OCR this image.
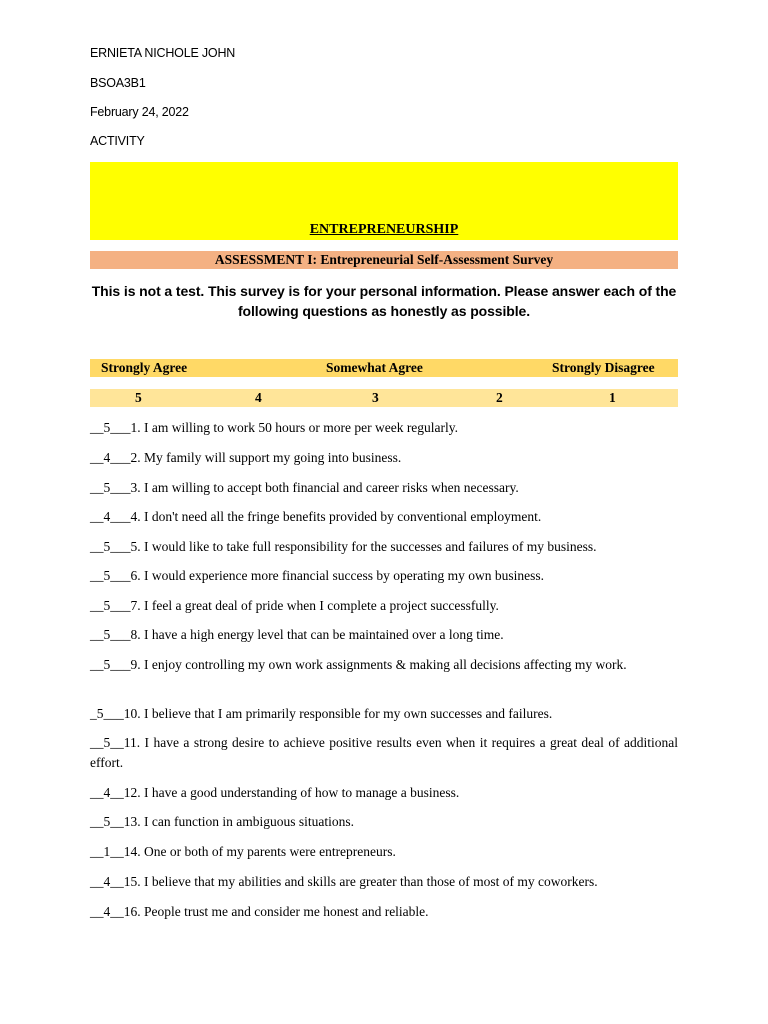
ERNIETA NICHOLE JOHN
BSOA3B1
February 24, 2022
ACTIVITY
ENTREPRENEURSHIP
ASSESSMENT I: Entrepreneurial Self-Assessment Survey
This is not a test. This survey is for your personal information. Please answer each of the following questions as honestly as possible.
Strongly Agree	Somewhat Agree	Strongly Disagree
5	4	3	2	1
__5___1. I am willing to work 50 hours or more per week regularly.
__4___2. My family will support my going into business.
__5___3. I am willing to accept both financial and career risks when necessary.
__4___4. I don't need all the fringe benefits provided by conventional employment.
__5___5. I would like to take full responsibility for the successes and failures of my business.
__5___6. I would experience more financial success by operating my own business.
__5___7. I feel a great deal of pride when I complete a project successfully.
__5___8. I have a high energy level that can be maintained over a long time.
__5___9. I enjoy controlling my own work assignments & making all decisions affecting my work.
_5___10. I believe that I am primarily responsible for my own successes and failures.
__5__11. I have a strong desire to achieve positive results even when it requires a great deal of additional effort.
__4__12. I have a good understanding of how to manage a business.
__5__13. I can function in ambiguous situations.
__1__14. One or both of my parents were entrepreneurs.
__4__15. I believe that my abilities and skills are greater than those of most of my coworkers.
__4__16. People trust me and consider me honest and reliable.
